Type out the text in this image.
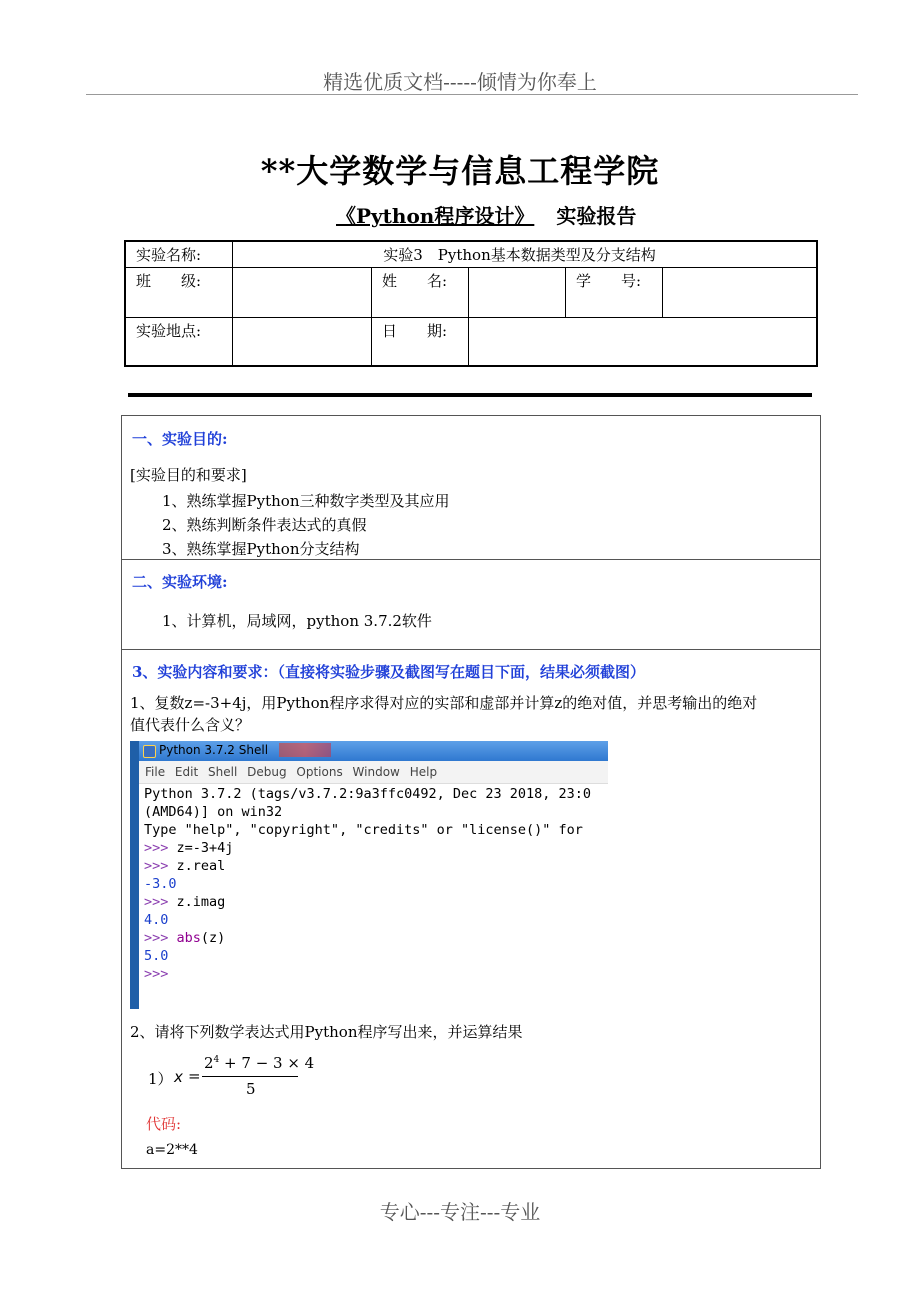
精选优质文档-----倾情为你奉上
**大学数学与信息工程学院
《Python程序设计》 实验报告
实验名称:	实验3　Python基本数据类型及分支结构				
班　　级:		姓　　名:		学　　号:	
实验地点:		日　　期:			
一、实验目的:
[实验目的和要求]
1、熟练掌握Python三种数字类型及其应用
2、熟练判断条件表达式的真假
3、熟练掌握Python分支结构
二、实验环境:
1、计算机，局域网，python 3.7.2软件
3、实验内容和要求：（直接将实验步骤及截图写在题目下面，结果必须截图）
1、复数z=-3+4j，用Python程序求得对应的实部和虚部并计算z的绝对值，并思考输出的绝对
值代表什么含义？
Python 3.7.2 Shell
File Edit Shell Debug Options Window Help
Python 3.7.2 (tags/v3.7.2:9a3ffc0492, Dec 23 2018, 23:0
(AMD64)] on win32
Type "help", "copyright", "credits" or "license()" for
>>> z=-3+4j
>>> z.real
-3.0
>>> z.imag
4.0
>>> abs(z)
5.0
>>>
2、请将下列数学表达式用Python程序写出来，并运算结果
1） x =
$2^4 + 7 - 3 \times 4$
5
代码:
a=2**4
专心---专注---专业
